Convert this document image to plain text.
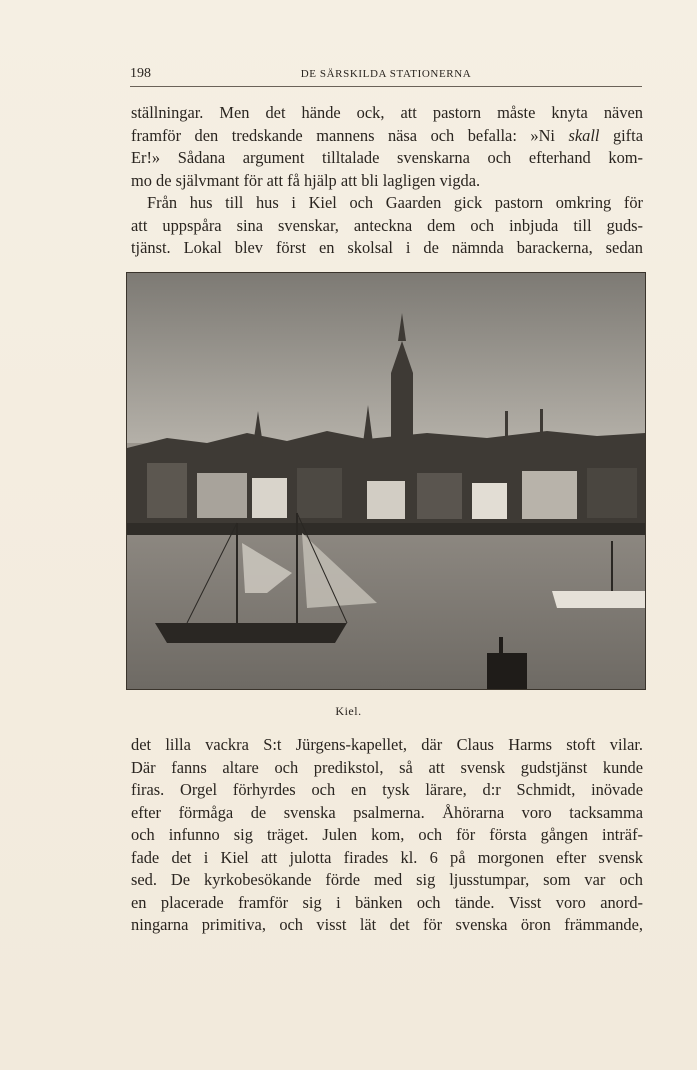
198	DE SÄRSKILDA STATIONERNA

ställningar. Men det hände ock, att pastorn måste knyta näven
framför den tredskande mannens näsa och befalla: »Ni skall gifta
Er!» Sådana argument tilltalade svenskarna och efterhand kom-
mo de självmant för att få hjälp att bli lagligen vigda.

Från hus till hus i Kiel och Gaarden gick pastorn omkring för
att uppspåra sina svenskar, anteckna dem och inbjuda till guds-
tjänst. Lokal blev först en skolsal i de nämnda barackerna, sedan

Kiel.

det lilla vackra S:t Jürgens-kapellet, där Claus Harms stoft vilar.
Där fanns altare och predikstol, så att svensk gudstjänst kunde
firas. Orgel förhyrdes och en tysk lärare, d:r Schmidt, inövade
efter förmåga de svenska psalmerna. Åhörarna voro tacksamma
och infunno sig träget. Julen kom, och för första gången inträf-
fade det i Kiel att julotta firades kl. 6 på morgonen efter svensk
sed. De kyrkobesökande förde med sig ljusstumpar, som var och
en placerade framför sig i bänken och tände. Visst voro anord-
ningarna primitiva, och visst lät det för svenska öron främmande,
